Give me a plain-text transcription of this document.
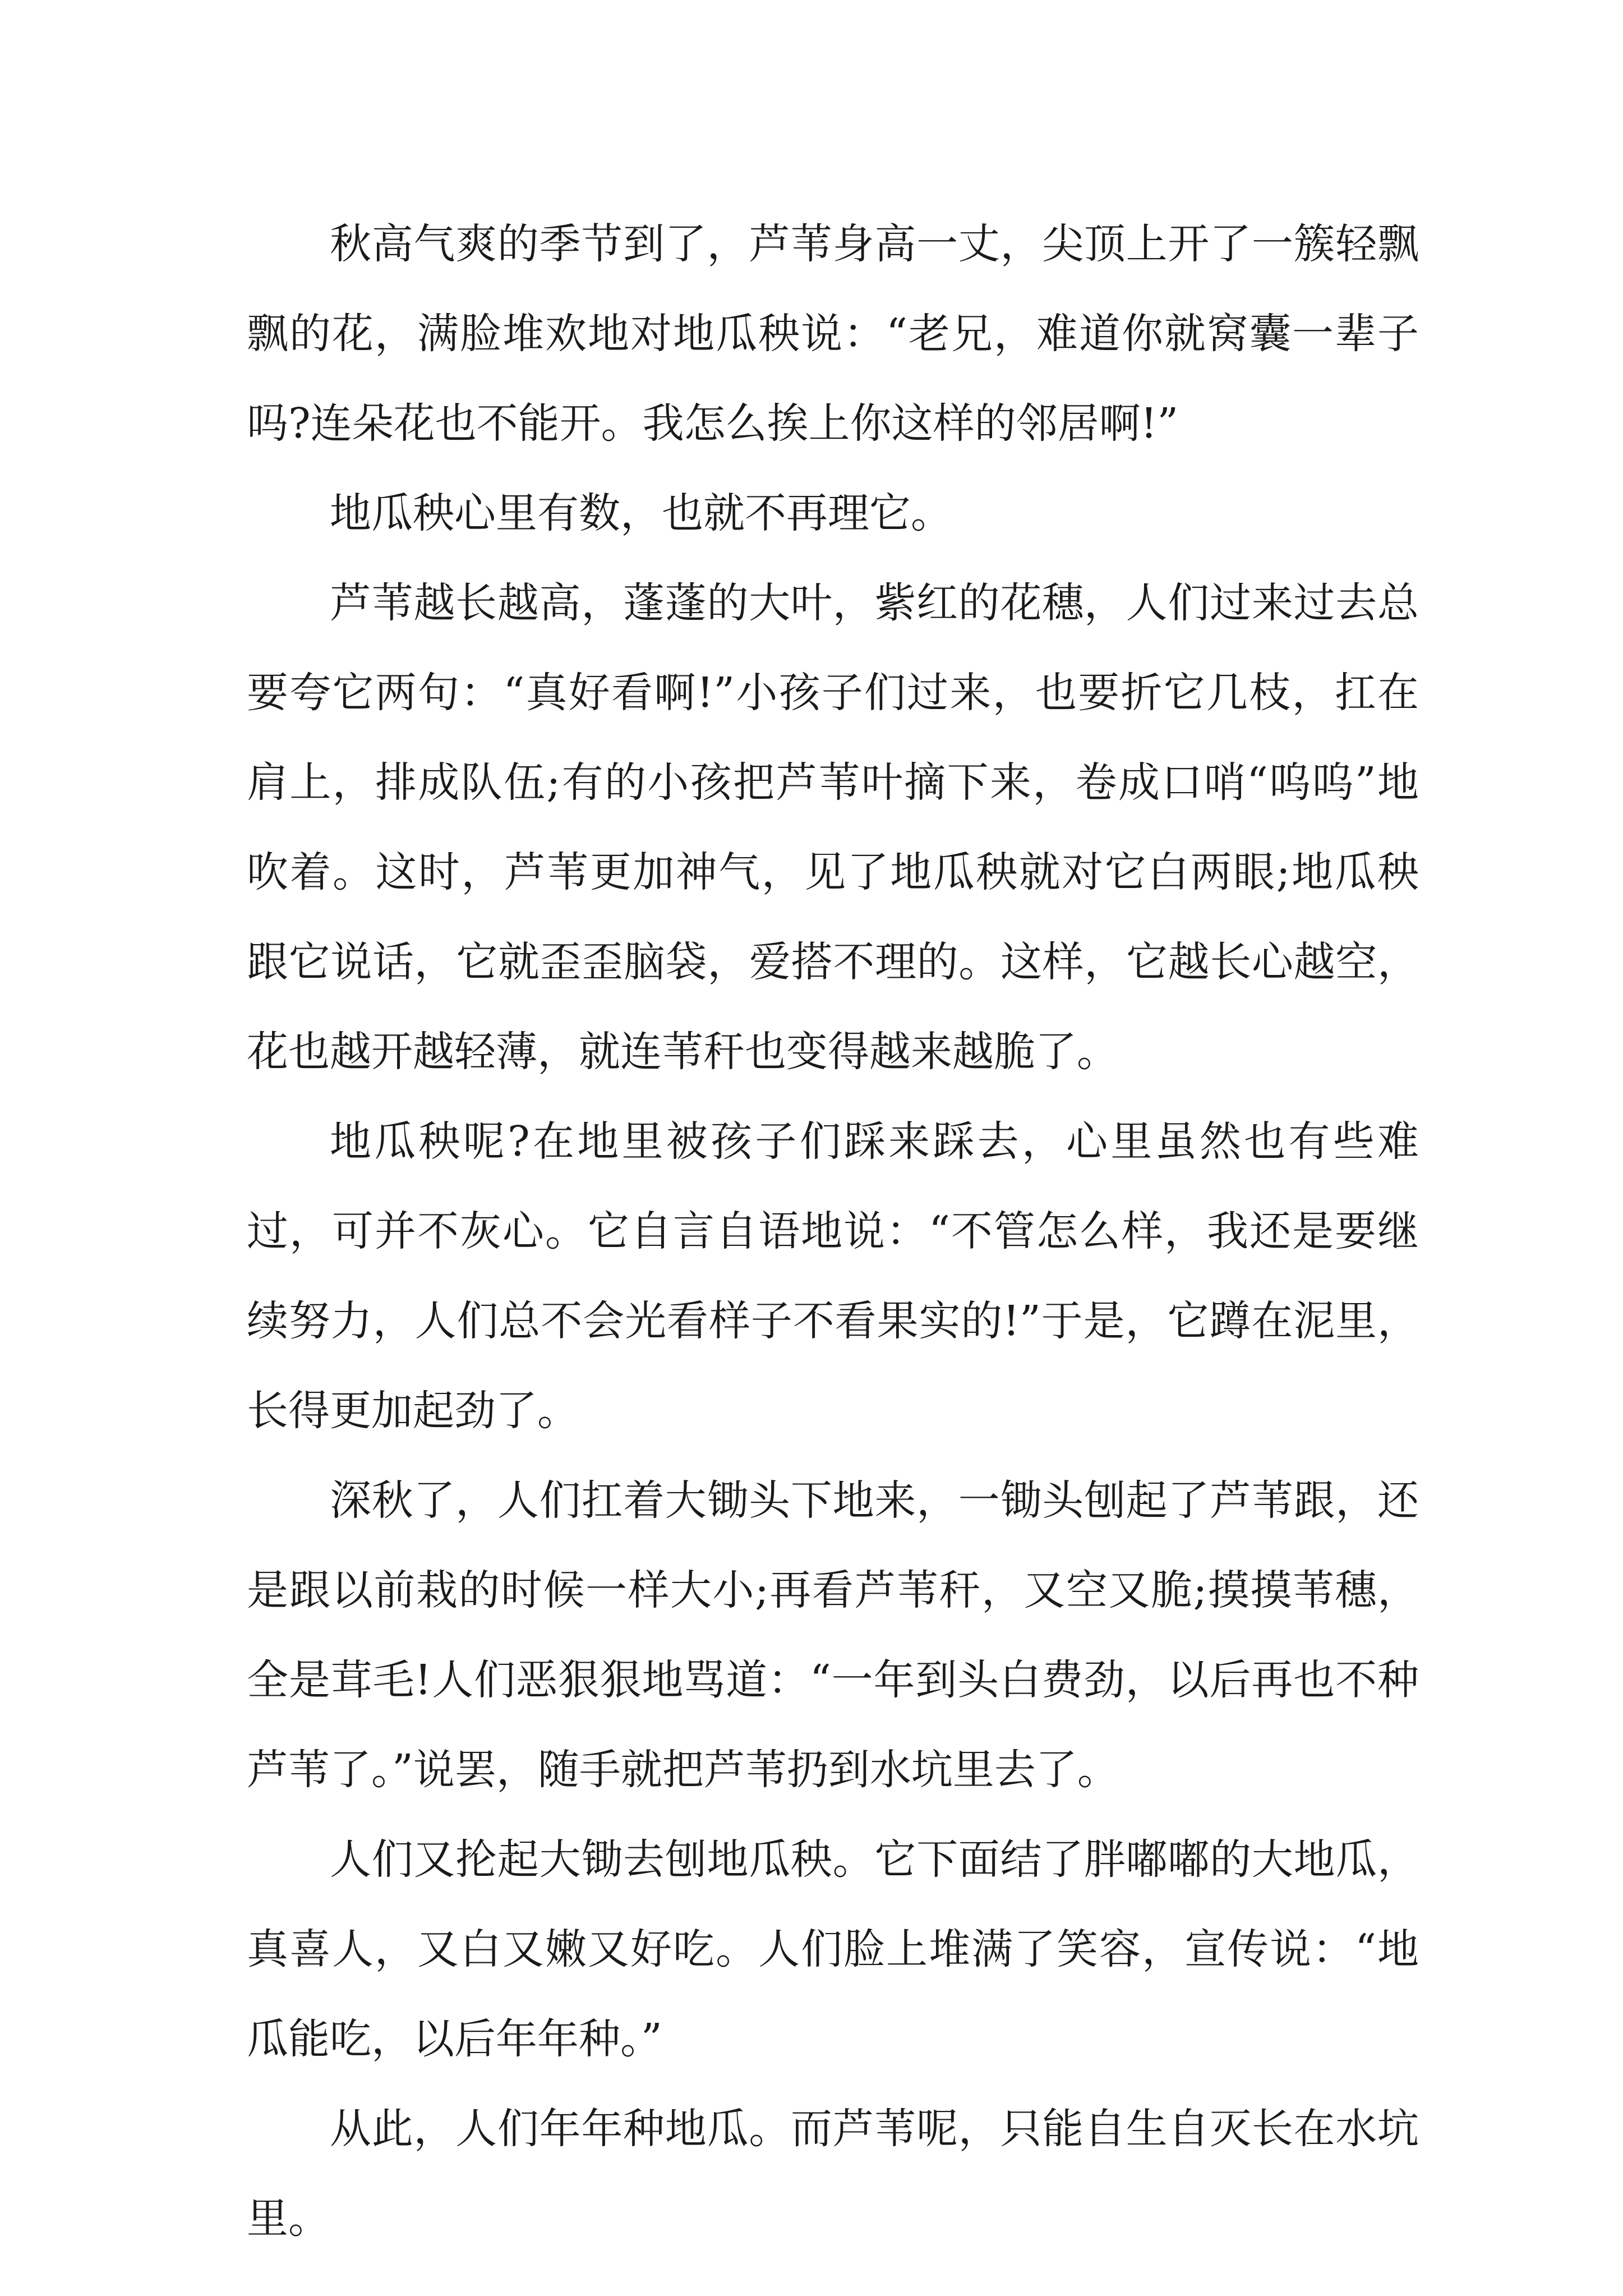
秋高气爽的季节到了，芦苇身高一丈，尖顶上开了一簇轻飘飘的花，满脸堆欢地对地瓜秧说：“老兄，难道你就窝囊一辈子吗?连朵花也不能开。我怎么挨上你这样的邻居啊!”

地瓜秧心里有数，也就不再理它。

芦苇越长越高，蓬蓬的大叶，紫红的花穗，人们过来过去总要夸它两句：“真好看啊!”小孩子们过来，也要折它几枝，扛在肩上，排成队伍;有的小孩把芦苇叶摘下来，卷成口哨“呜呜”地吹着。这时，芦苇更加神气，见了地瓜秧就对它白两眼;地瓜秧跟它说话，它就歪歪脑袋，爱搭不理的。这样，它越长心越空，花也越开越轻薄，就连苇秆也变得越来越脆了。

地瓜秧呢?在地里被孩子们踩来踩去，心里虽然也有些难过，可并不灰心。它自言自语地说：“不管怎么样，我还是要继续努力，人们总不会光看样子不看果实的!”于是，它蹲在泥里，长得更加起劲了。

深秋了，人们扛着大锄头下地来，一锄头刨起了芦苇跟，还是跟以前栽的时候一样大小;再看芦苇秆，又空又脆;摸摸苇穗，全是茸毛!人们恶狠狠地骂道：“一年到头白费劲，以后再也不种芦苇了。”说罢，随手就把芦苇扔到水坑里去了。

人们又抡起大锄去刨地瓜秧。它下面结了胖嘟嘟的大地瓜，真喜人，又白又嫩又好吃。人们脸上堆满了笑容，宣传说：“地瓜能吃，以后年年种。”

从此，人们年年种地瓜。而芦苇呢，只能自生自灭长在水坑里。
